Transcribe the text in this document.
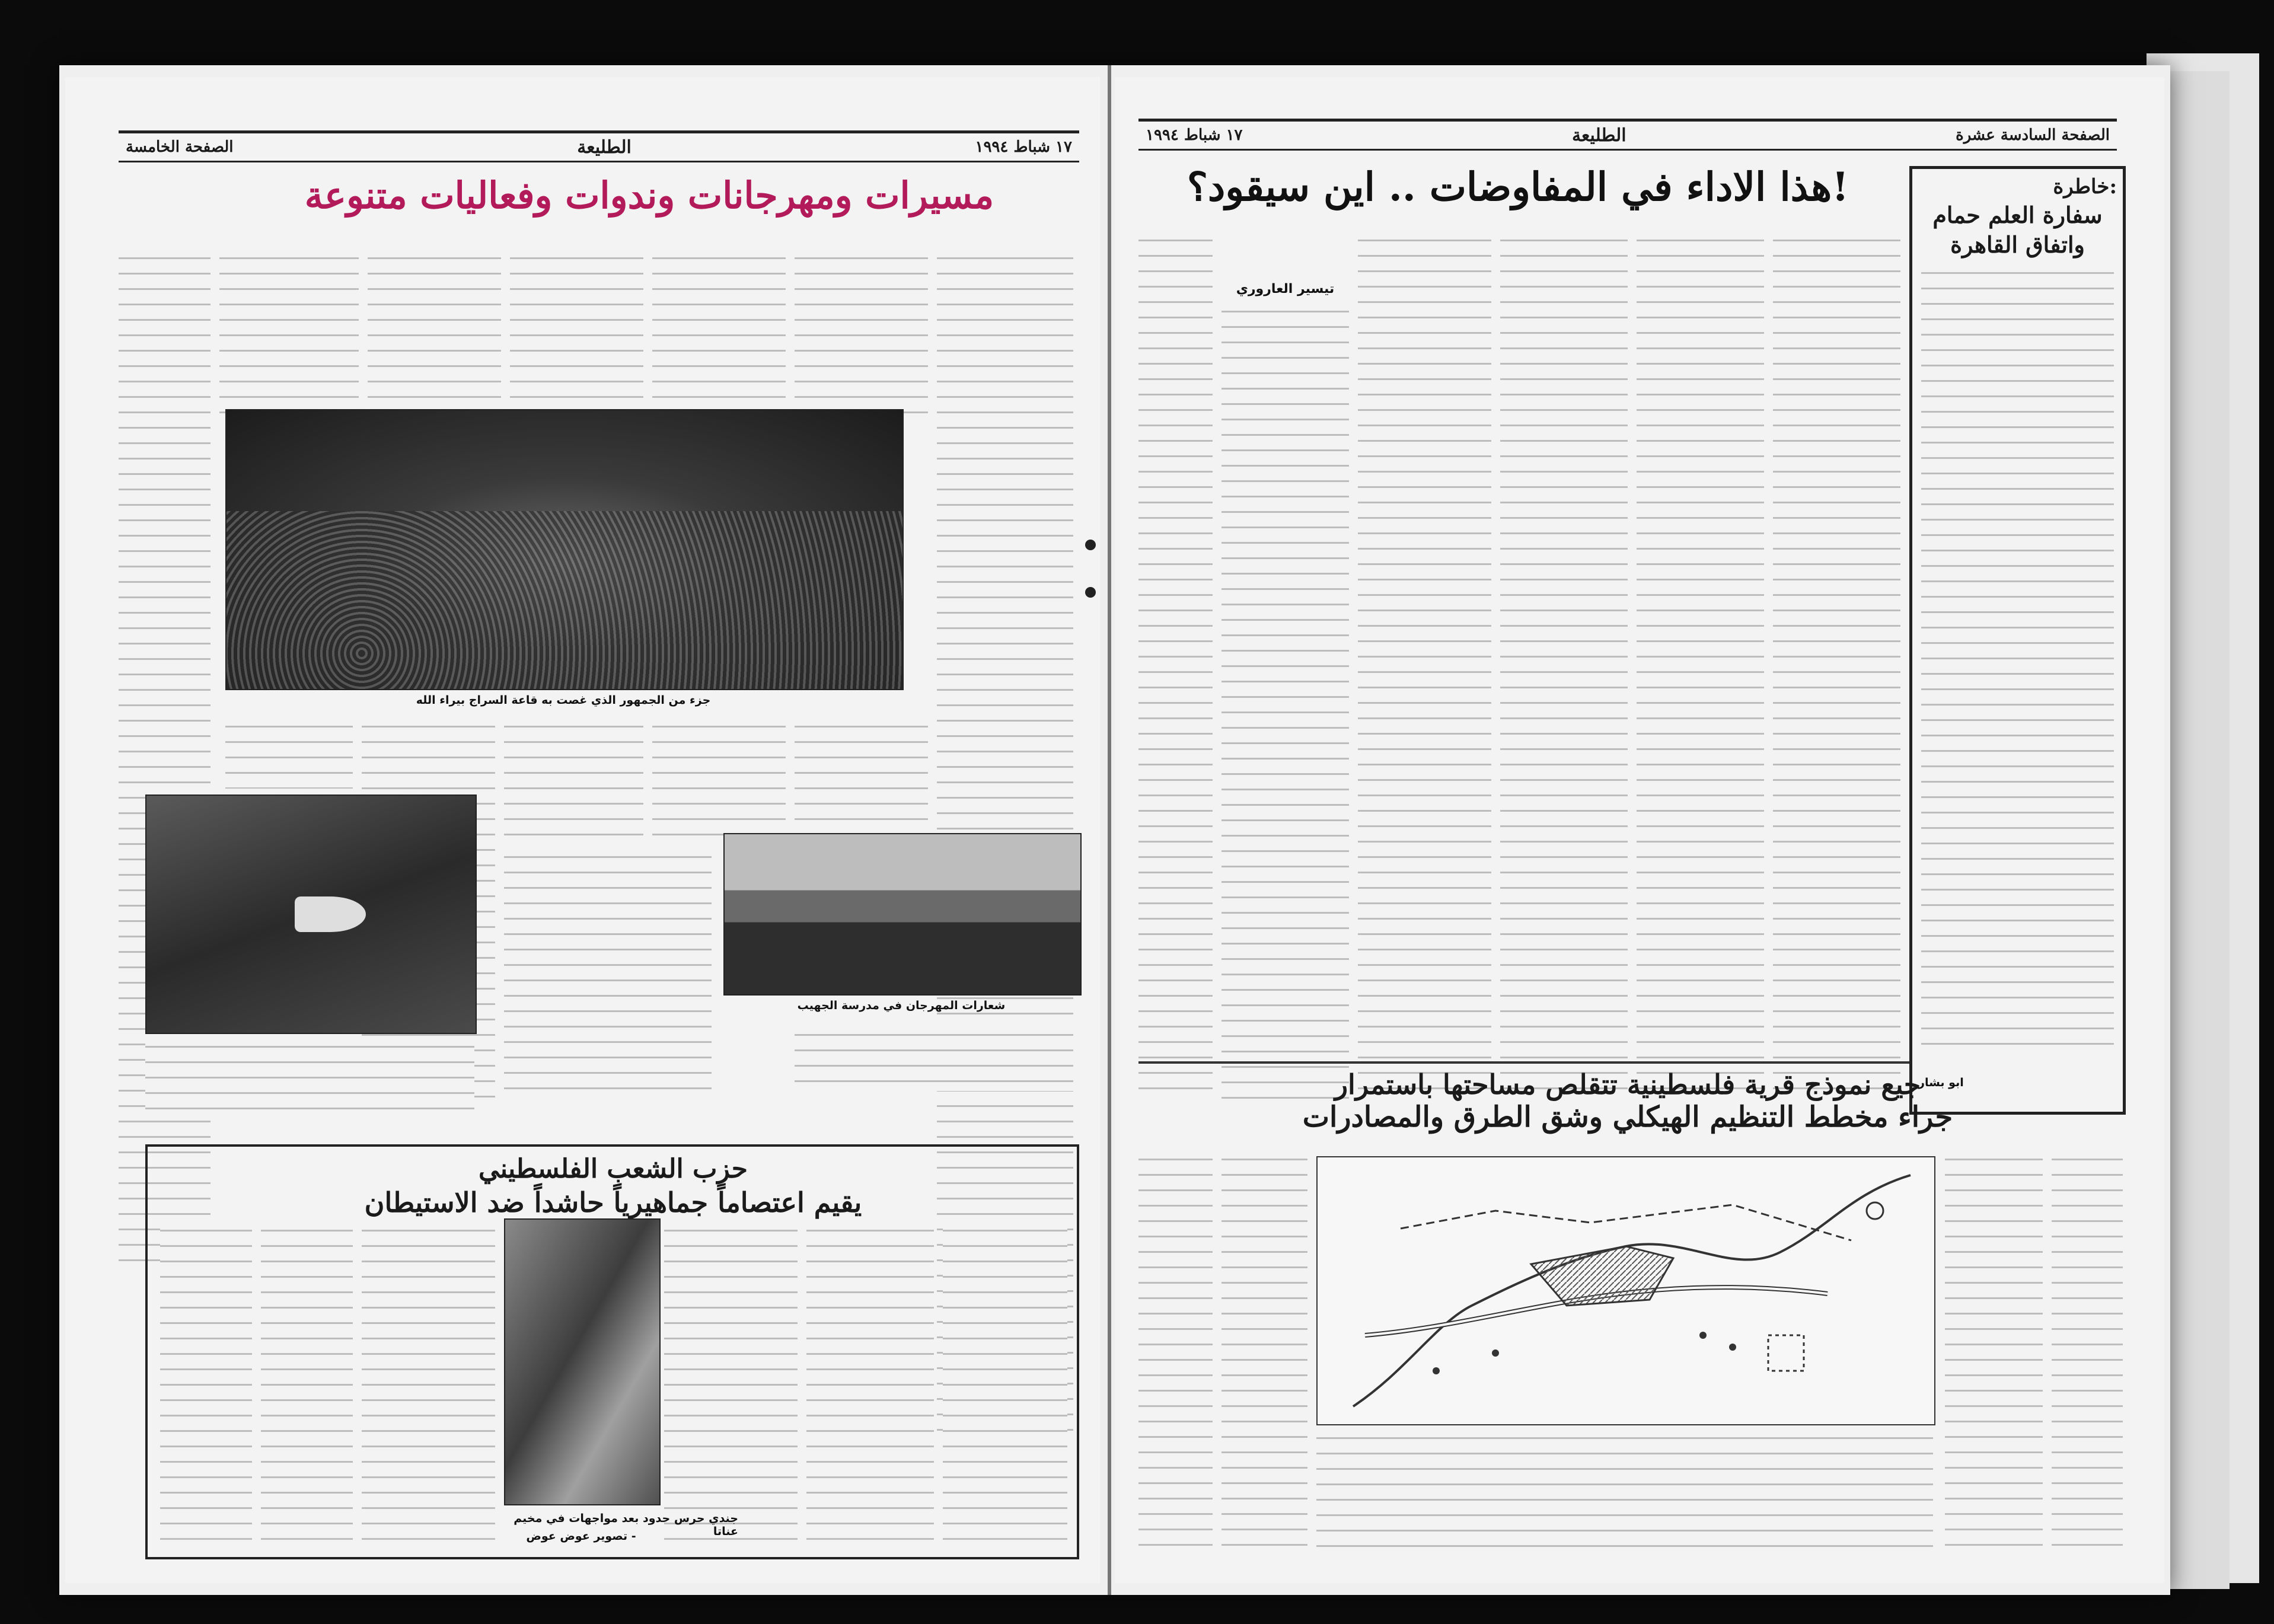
الصفحة الخامسة	الطليعة	١٧ شباط ١٩٩٤
مسيرات ومهرجانات وندوات وفعاليات متنوعة
جزء من الجمهور الذي غصت به قاعة السراج بيراء الله
شعارات المهرجان في مدرسة الجهيب
حزب الشعب الفلسطيني
يقيم اعتصاماً جماهيرياً حاشداً ضد الاستيطان
جندي حرس حدود بعد مواجهات في مخيم عناتا
- تصوير عوض عوض
١٧ شباط ١٩٩٤	الطليعة	الصفحة السادسة عشرة
هذا الاداء في المفاوضات .. اين سيقود؟!	خاطرة:
سفارة العلم حمام
واتفاق القاهرة
ابو بشار
تيسير العاروري
جيع نموذج قرية فلسطينية تتقلص مساحتها باستمرار
جراء مخطط التنظيم الهيكلي وشق الطرق والمصادرات
